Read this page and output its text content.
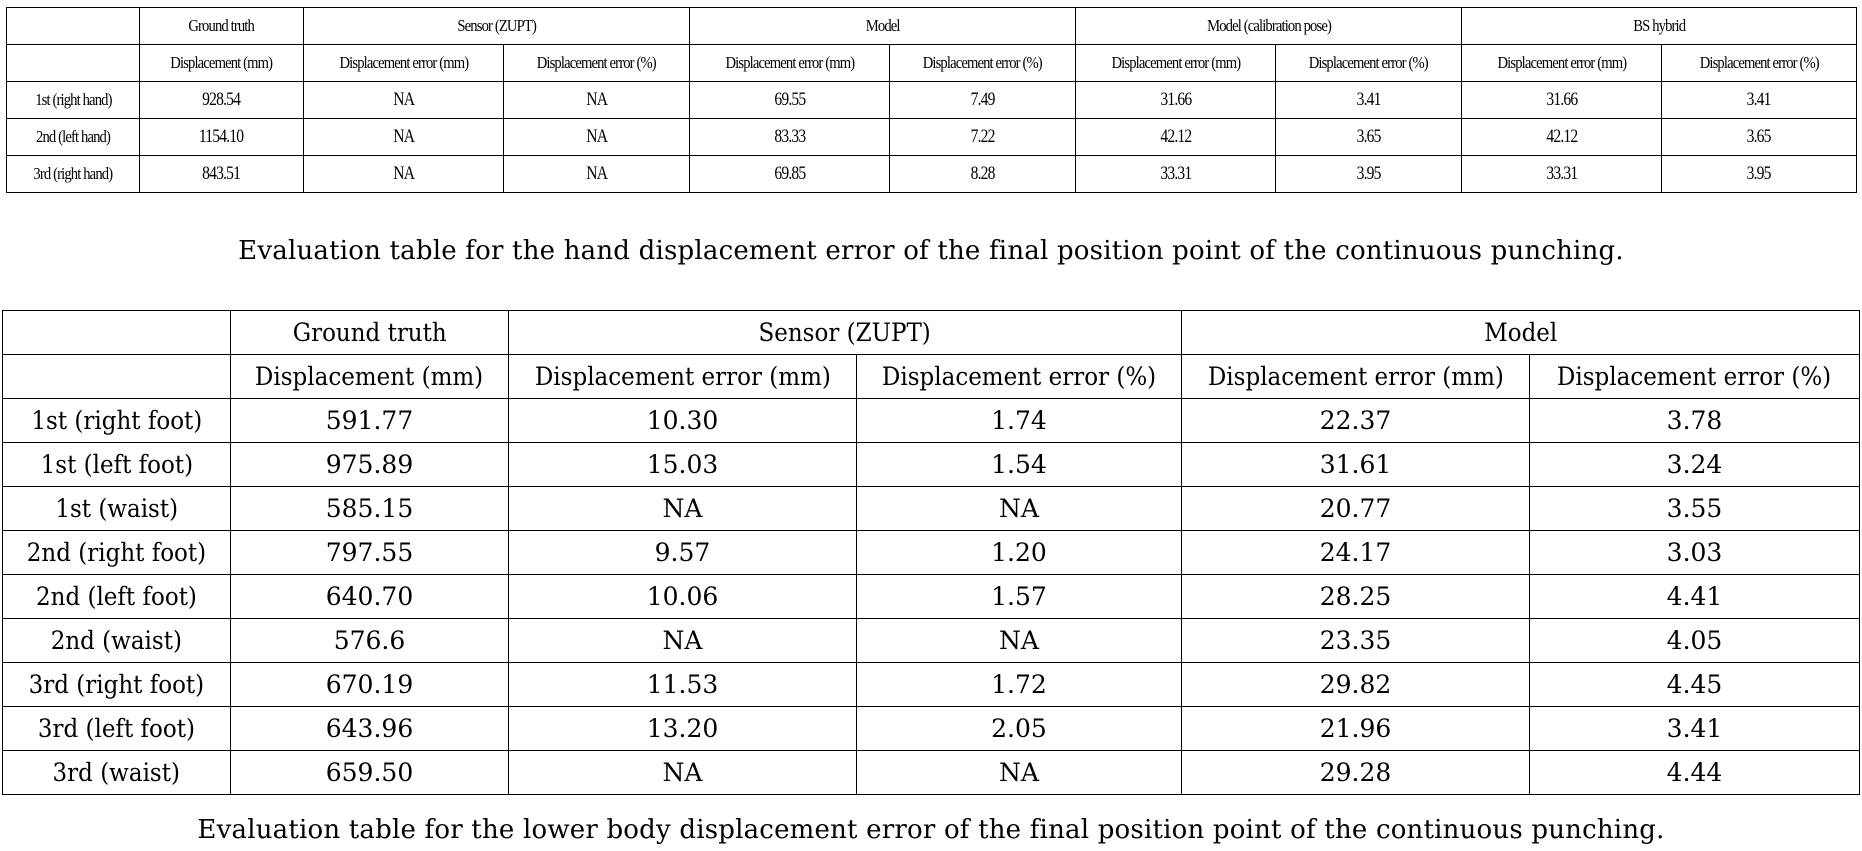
	Ground truth	Sensor (ZUPT)		Model		Model (calibration pose)		BS hybrid	
	Displacement (mm)	Displacement error (mm)	Displacement error (%)	Displacement error (mm)	Displacement error (%)	Displacement error (mm)	Displacement error (%)	Displacement error (mm)	Displacement error (%)
1st (right hand)	928.54	NA	NA	69.55	7.49	31.66	3.41	31.66	3.41
2nd (left hand)	1154.10	NA	NA	83.33	7.22	42.12	3.65	42.12	3.65
3rd (right hand)	843.51	NA	NA	69.85	8.28	33.31	3.95	33.31	3.95
Evaluation table for the hand displacement error of the final position point of the continuous punching.
	Ground truth	Sensor (ZUPT)		Model	
	Displacement (mm)	Displacement error (mm)	Displacement error (%)	Displacement error (mm)	Displacement error (%)
1st (right foot)	591.77	10.30	1.74	22.37	3.78
1st (left foot)	975.89	15.03	1.54	31.61	3.24
1st (waist)	585.15	NA	NA	20.77	3.55
2nd (right foot)	797.55	9.57	1.20	24.17	3.03
2nd (left foot)	640.70	10.06	1.57	28.25	4.41
2nd (waist)	576.6	NA	NA	23.35	4.05
3rd (right foot)	670.19	11.53	1.72	29.82	4.45
3rd (left foot)	643.96	13.20	2.05	21.96	3.41
3rd (waist)	659.50	NA	NA	29.28	4.44
Evaluation table for the lower body displacement error of the final position point of the continuous punching.
